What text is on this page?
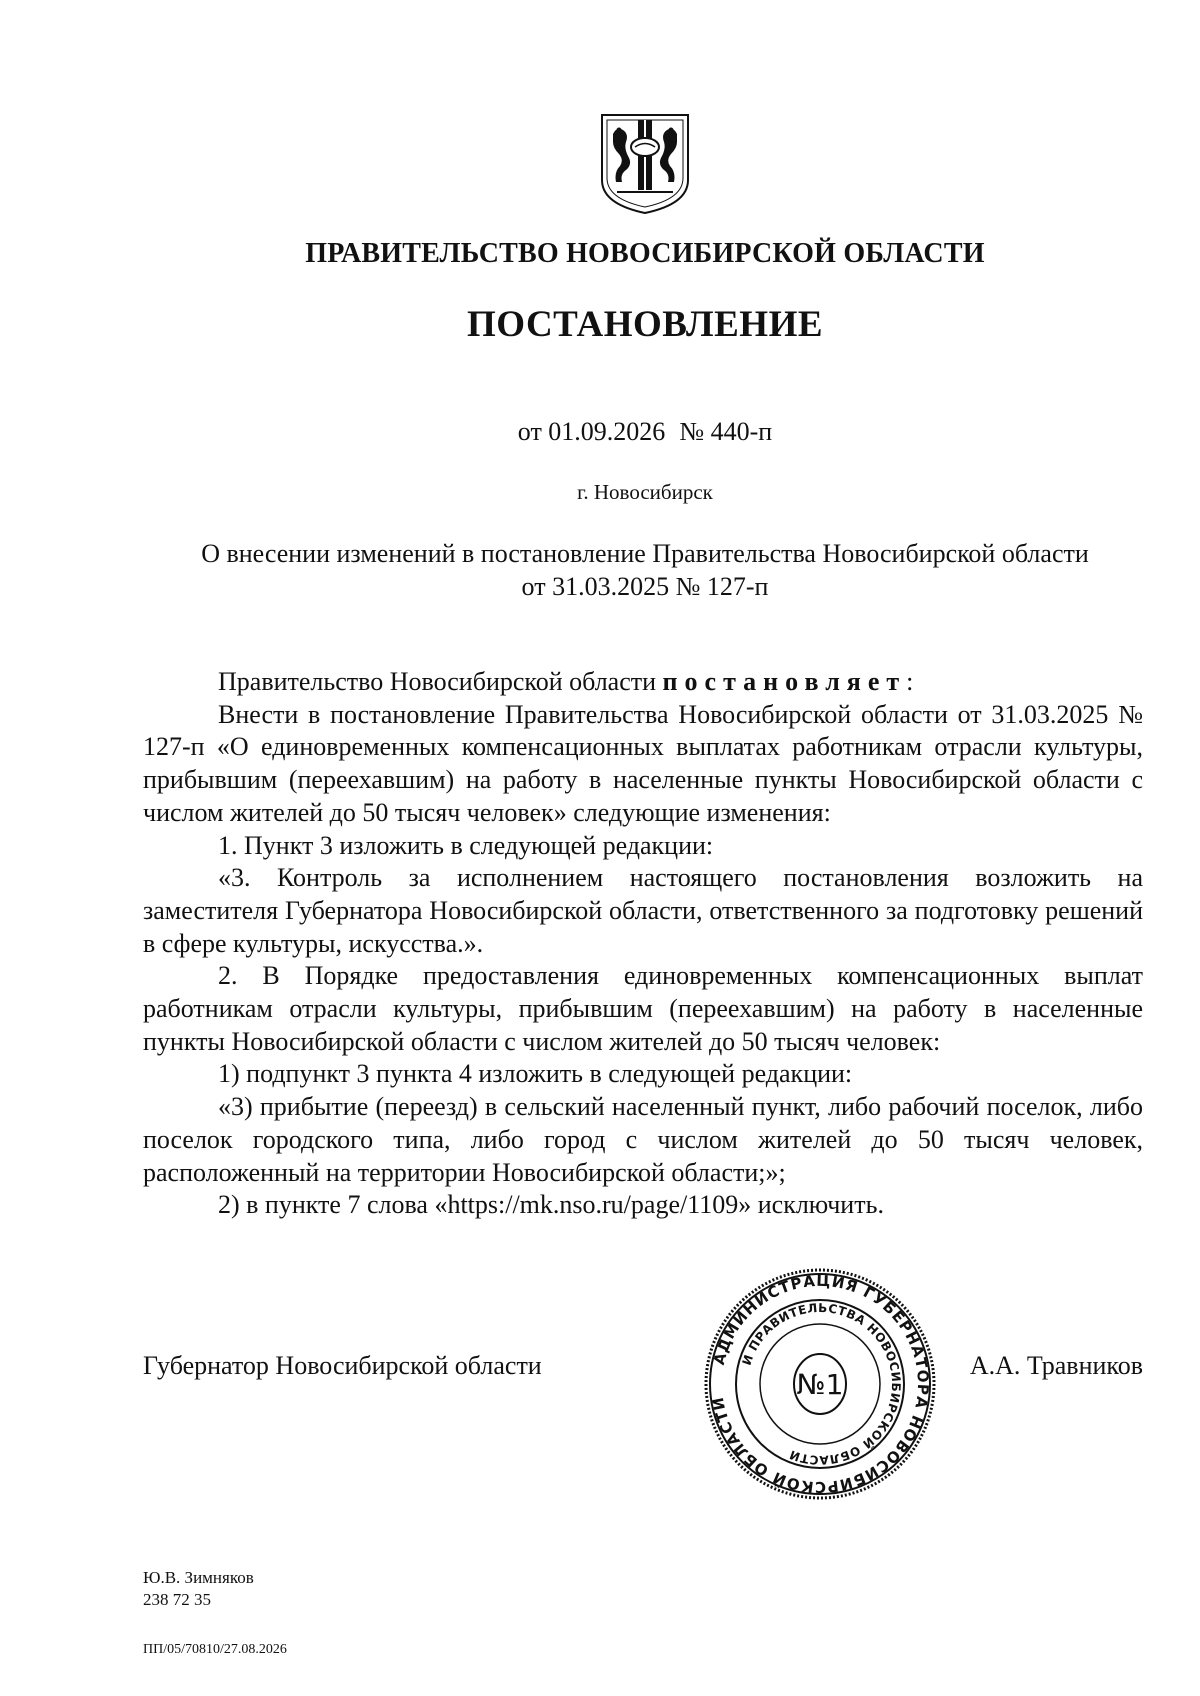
ПРАВИТЕЛЬСТВО НОВОСИБИРСКОЙ ОБЛАСТИ
ПОСТАНОВЛЕНИЕ
от 01.09.2026 № 440-п
г. Новосибирск
О внесении изменений в постановление Правительства Новосибирской области
от 31.03.2025 № 127-п

Правительство Новосибирской области постановляет:

Внести в постановление Правительства Новосибирской области от 31.03.2025 № 127-п «О единовременных компенсационных выплатах работникам отрасли культуры, прибывшим (переехавшим) на работу в населенные пункты Новосибирской области с числом жителей до 50 тысяч человек» следующие изменения:

1. Пункт 3 изложить в следующей редакции:

«3. Контроль за исполнением настоящего постановления возложить на заместителя Губернатора Новосибирской области, ответственного за подготовку решений в сфере культуры, искусства.».

2. В Порядке предоставления единовременных компенсационных выплат работникам отрасли культуры, прибывшим (переехавшим) на работу в населенные пункты Новосибирской области с числом жителей до 50 тысяч человек:

1) подпункт 3 пункта 4 изложить в следующей редакции:

«3) прибытие (переезд) в сельский населенный пункт, либо рабочий поселок, либо поселок городского типа, либо город с числом жителей до 50 тысяч человек, расположенный на территории Новосибирской области;»;

2) в пункте 7 слова «https://mk.nso.ru/page/1109» исключить.

Губернатор Новосибирской области	АДМИНИСТРАЦИЯ ГУБЕРНАТОРА НОВОСИБИРСКОЙ ОБЛАСТИ
И ПРАВИТЕЛЬСТВА НОВОСИБИРСКОЙ ОБЛАСТИ
№1
А.А. Травников
Ю.В. Зимняков
238 72 35
ПП/05/70810/27.08.2026
